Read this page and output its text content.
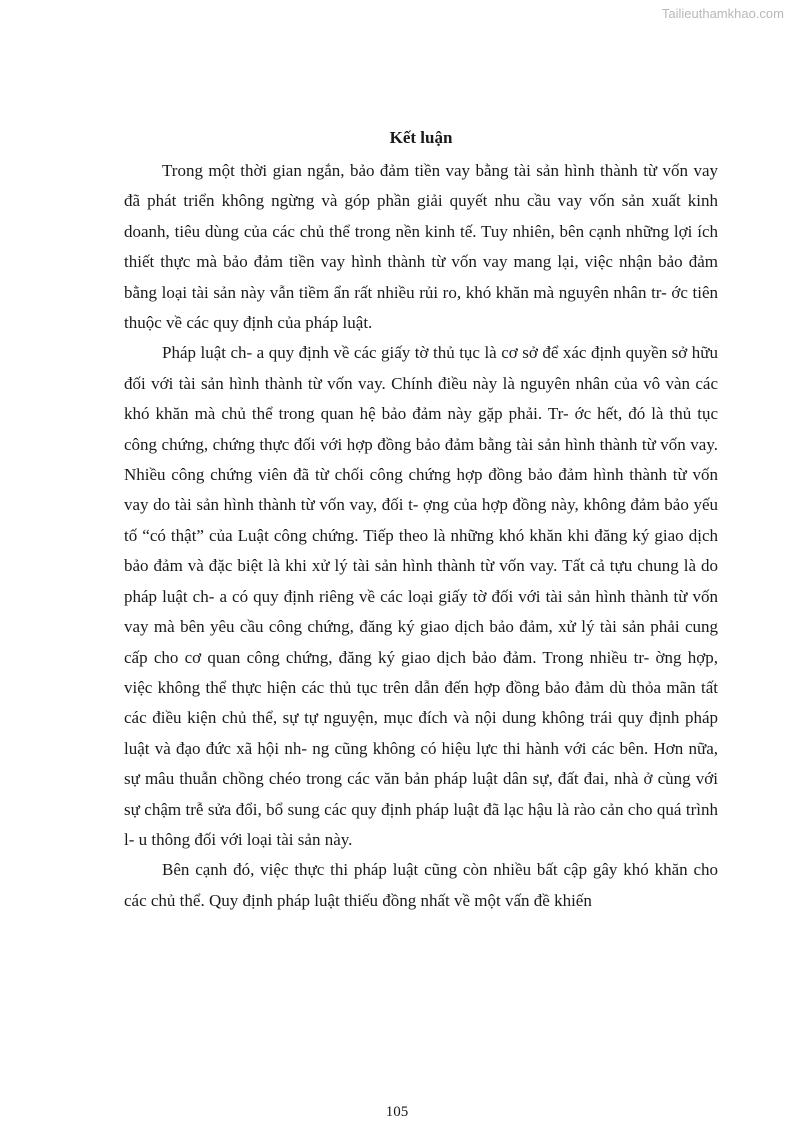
Tailieuthamkhao.com
Kết luận

Trong một thời gian ngắn, bảo đảm tiền vay bằng tài sản hình thành từ vốn vay đã phát triển không ngừng và góp phần giải quyết nhu cầu vay vốn sản xuất kinh doanh, tiêu dùng của các chủ thể trong nền kinh tế. Tuy nhiên, bên cạnh những lợi ích thiết thực mà bảo đảm tiền vay hình thành từ vốn vay mang lại, việc nhận bảo đảm bằng loại tài sản này vẫn tiềm ẩn rất nhiều rủi ro, khó khăn mà nguyên nhân tr- ớc tiên thuộc về các quy định của pháp luật.

Pháp luật ch- a quy định về các giấy tờ thủ tục là cơ sở để xác định quyền sở hữu đối với tài sản hình thành từ vốn vay. Chính điều này là nguyên nhân của vô vàn các khó khăn mà chủ thể trong quan hệ bảo đảm này gặp phải. Tr- ớc hết, đó là thủ tục công chứng, chứng thực đối với hợp đồng bảo đảm bằng tài sản hình thành từ vốn vay. Nhiều công chứng viên đã từ chối công chứng hợp đồng bảo đảm hình thành từ vốn vay do tài sản hình thành từ vốn vay, đối t- ợng của hợp đồng này, không đảm bảo yếu tố “có thật” của Luật công chứng. Tiếp theo là những khó khăn khi đăng ký giao dịch bảo đảm và đặc biệt là khi xử lý tài sản hình thành từ vốn vay. Tất cả tựu chung là do pháp luật ch- a có quy định riêng về các loại giấy tờ đối với tài sản hình thành từ vốn vay mà bên yêu cầu công chứng, đăng ký giao dịch bảo đảm, xử lý tài sản phải cung cấp cho cơ quan công chứng, đăng ký giao dịch bảo đảm. Trong nhiều tr- ờng hợp, việc không thể thực hiện các thủ tục trên dẫn đến hợp đồng bảo đảm dù thỏa mãn tất các điều kiện chủ thể, sự tự nguyện, mục đích và nội dung không trái quy định pháp luật và đạo đức xã hội nh- ng cũng không có hiệu lực thi hành với các bên. Hơn nữa, sự mâu thuẫn chồng chéo trong các văn bản pháp luật dân sự, đất đai, nhà ở cùng với sự chậm trễ sửa đổi, bổ sung các quy định pháp luật đã lạc hậu là rào cản cho quá trình l- u thông đối với loại tài sản này.

Bên cạnh đó, việc thực thi pháp luật cũng còn nhiều bất cập gây khó khăn cho các chủ thể. Quy định pháp luật thiếu đồng nhất về một vấn đề khiến

105
